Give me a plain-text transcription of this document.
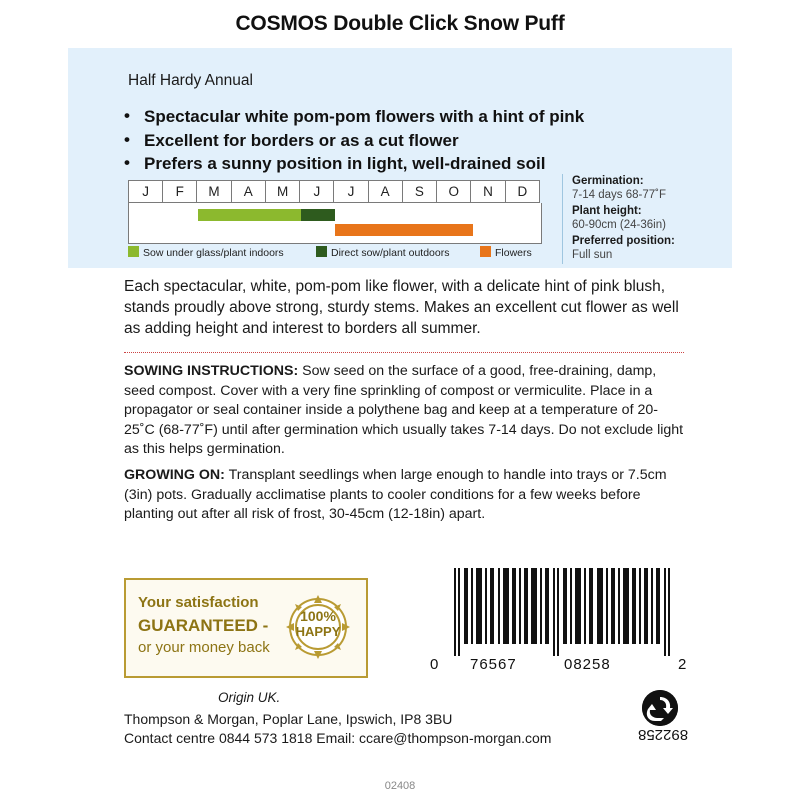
COSMOS Double Click Snow Puff
Half Hardy Annual
• Spectacular white pom-pom flowers with a hint of pink
• Excellent for borders or as a cut flower
• Prefers a sunny position in light, well-drained soil
J	F	M	A	M	J	J	A	S	O	N	D
Sow under glass/plant indoors	Direct sow/plant outdoors	Flowers
Germination:
7-14 days 68-77˚F
Plant height:
60-90cm (24-36in)
Preferred position:
Full sun
Each spectacular, white, pom-pom like flower, with a delicate hint of pink blush, stands proudly above strong, sturdy stems. Makes an excellent cut flower as well as adding height and interest to borders all summer.
SOWING INSTRUCTIONS: Sow seed on the surface of a good, free-draining, damp, seed compost. Cover with a very fine sprinkling of compost or vermiculite. Place in a propagator or seal container inside a polythene bag and keep at a temperature of 20-25˚C (68-77˚F) until after germination which usually takes 7-14 days. Do not exclude light as this helps germination.
GROWING ON: Transplant seedlings when large enough to handle into trays or 7.5cm (3in) pots. Gradually acclimatise plants to cooler conditions for a few weeks before planting out after all risk of frost, 30-45cm (12-18in) apart.
Your satisfaction
GUARANTEED -
or your money back
100%
HAPPY
0 76567	08258	2
Origin UK.
Thompson & Morgan, Poplar Lane, Ipswich, IP8 3BU
Contact centre 0844 573 1818 Email: ccare@thompson-morgan.com	892258
02408
